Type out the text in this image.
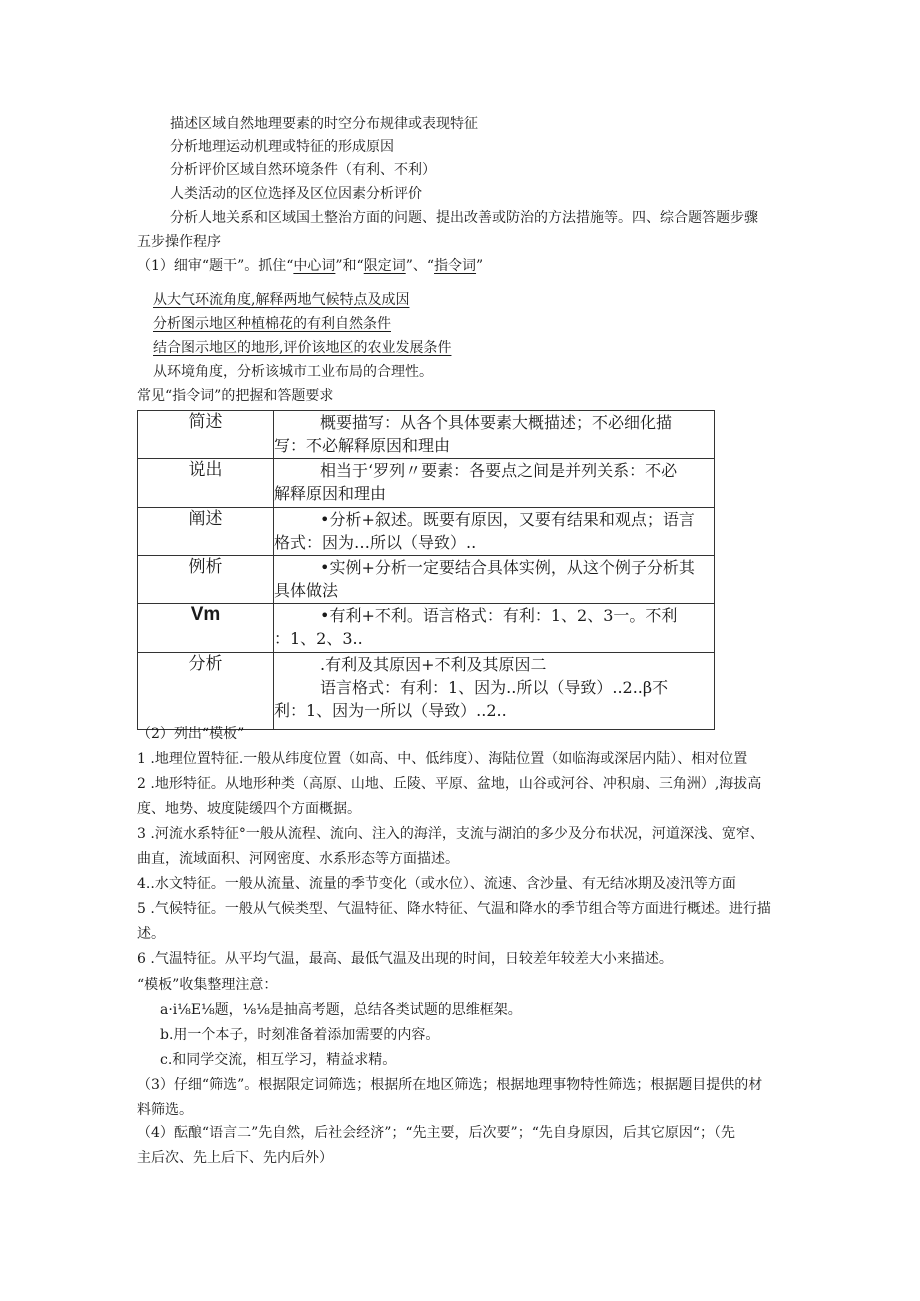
描述区域自然地理要素的时空分布规律或表现特征
分析地理运动机理或特征的形成原因
分析评价区域自然环境条件（有利、不利）
人类活动的区位选择及区位因素分析评价
分析人地关系和区域国土整治方面的问题、提出改善或防治的方法措施等。四、综合题答题步骤
五步操作程序
（1）细审“题干”。抓住“中心词”和“限定词”、“指令词”
从大气环流角度,解释两地气候特点及成因
分析图示地区种植棉花的有利自然条件
结合图示地区的地形,评价该地区的农业发展条件
从环境角度，分析该城市工业布局的合理性。
常见“指令词”的把握和答题要求
简述	概要描写：从各个具体要素大概描述；不必细化描
写：不必解释原因和理由

说出	相当于‘罗列〃要素：各要点之间是并列关系：不必
解释原因和理由

阐述	•分析+叙述。既要有原因，又要有结果和观点；语言
格式：因为…所以（导致）..

例析	•实例+分析一定要结合具体实例，从这个例子分析其
具体做法

Vm	•有利+不利。语言格式：有利：1、2、3一。不利
：1、2、3..

分析	.有利及其原因+不利及其原因二
语言格式：有利：1、因为..所以（导致）..2..β不
利：1、因为一所以（导致）..2..
（2）列出“模板”
1 .地理位置特征.一般从纬度位置（如高、中、低纬度）、海陆位置（如临海或深居内陆）、相对位置
2 .地形特征。从地形种类（高原、山地、丘陵、平原、盆地，山谷或河谷、冲积扇、三角洲）,海拔高
度、地势、坡度陡缓四个方面概据。
3 .河流水系特征°一般从流程、流向、注入的海洋，支流与湖泊的多少及分布状况，河道深浅、宽窄、
曲直，流域面积、河网密度、水系形态等方面描述。
4..水文特征。一般从流量、流量的季节变化（或水位）、流速、含沙量、有无结冰期及凌汛等方面
5 .气候特征。一般从气候类型、气温特征、降水特征、气温和降水的季节组合等方面进行概述。进行描
述。
6 .气温特征。从平均气温，最高、最低气温及出现的时间，日较差年较差大小来描述。
“模板”收集整理注意：
a·i⅛E⅛题，⅛⅛是抽高考题，总结各类试题的思维框架。
b.用一个本子，时刻准备着添加需要的内容。
c.和同学交流，相互学习，精益求精。
（3）仔细“筛选”。根据限定词筛选；根据所在地区筛选；根据地理事物特性筛选；根据题目提供的材
料筛选。
（4）酝酿“语言二”先自然，后社会经济”；“先主要，后次要”；“先自身原因，后其它原因“；（先
主后次、先上后下、先内后外）
